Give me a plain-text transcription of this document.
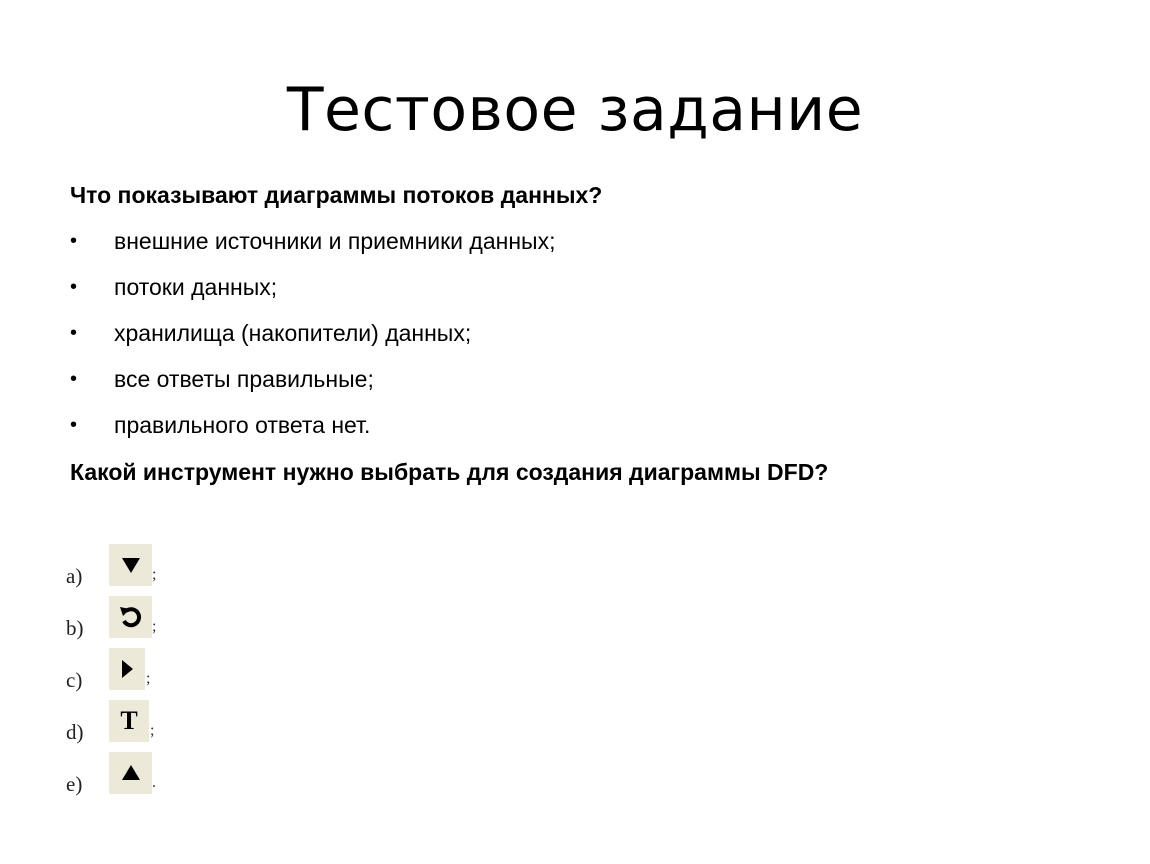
Тестовое задание
Что показывают диаграммы потоков данных?
•	внешние источники и приемники данных;
•	потоки данных;
•	хранилища (накопители) данных;
•	все ответы правильные;
•	правильного ответа нет.
Какой инструмент нужно выбрать для создания диаграммы DFD?
a)	;
b)	;
c)	;
d) T ;
e)	.
